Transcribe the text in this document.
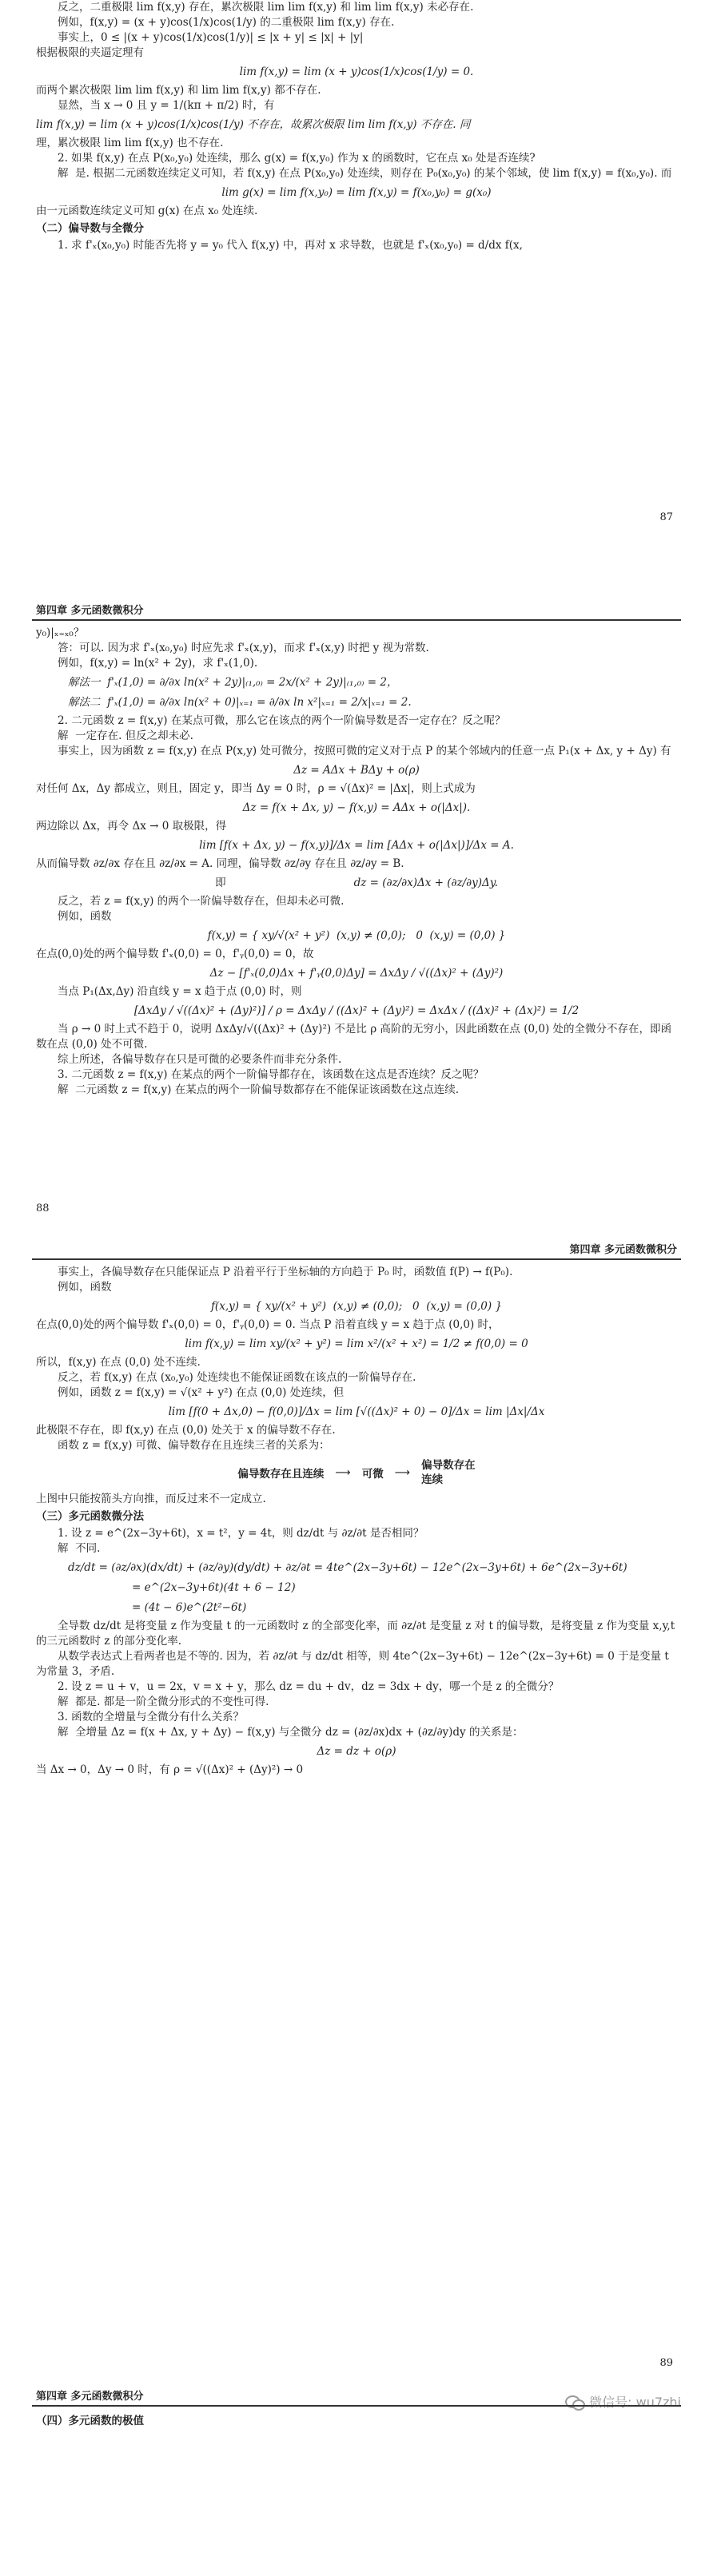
反之，二重极限 lim f(x,y) 存在，累次极限 lim lim f(x,y) 和 lim lim f(x,y) 未必存在.

例如，f(x,y) = (x + y)cos(1/x)cos(1/y) 的二重极限 lim f(x,y) 存在.

事实上，0 ≤ |(x + y)cos(1/x)cos(1/y)| ≤ |x + y| ≤ |x| + |y|

根据极限的夹逼定理有

lim f(x,y) = lim (x + y)cos(1/x)cos(1/y) = 0.

而两个累次极限 lim lim f(x,y) 和 lim lim f(x,y) 都不存在.

显然，当 x → 0 且 y = 1/(kπ + π/2) 时，有

lim f(x,y) = lim (x + y)cos(1/x)cos(1/y) 不存在，故累次极限 lim lim f(x,y) 不存在. 同

理，累次极限 lim lim f(x,y) 也不存在.

2. 如果 f(x,y) 在点 P(x₀,y₀) 处连续，那么 g(x) = f(x,y₀) 作为 x 的函数时，它在点 x₀ 处是否连续?

解  是. 根据二元函数连续定义可知，若 f(x,y) 在点 P(x₀,y₀) 处连续，则存在 P₀(x₀,y₀) 的某个邻域，使 lim f(x,y) = f(x₀,y₀). 而

lim g(x) = lim f(x,y₀) = lim f(x,y) = f(x₀,y₀) = g(x₀)

由一元函数连续定义可知 g(x) 在点 x₀ 处连续.

（二）偏导数与全微分

1. 求 f'ₓ(x₀,y₀) 时能否先将 y = y₀ 代入 f(x,y) 中，再对 x 求导数，也就是 f'ₓ(x₀,y₀) = d/dx f(x,

87
第四章 多元函数微积分

y₀)|ₓ₌ₓ₀？

答：可以. 因为求 f'ₓ(x₀,y₀) 时应先求 f'ₓ(x,y)，而求 f'ₓ(x,y) 时把 y 视为常数.

例如，f(x,y) = ln(x² + 2y)，求 f'ₓ(1,0).

解法一  f'ₓ(1,0) = ∂/∂x ln(x² + 2y)|₍₁,₀₎ = 2x/(x² + 2y)|₍₁,₀₎ = 2，

解法二  f'ₓ(1,0) = ∂/∂x ln(x² + 0)|ₓ₌₁ = ∂/∂x ln x²|ₓ₌₁ = 2/x|ₓ₌₁ = 2.

2. 二元函数 z = f(x,y) 在某点可微，那么它在该点的两个一阶偏导数是否一定存在？反之呢？

解  一定存在. 但反之却未必.

事实上，因为函数 z = f(x,y) 在点 P(x,y) 处可微分，按照可微的定义对于点 P 的某个邻域内的任意一点 P₁(x + Δx, y + Δy) 有

Δz = AΔx + BΔy + o(ρ)

对任何 Δx，Δy 都成立，则且，固定 y，即当 Δy = 0 时，ρ = √(Δx)² = |Δx|，则上式成为

Δz = f(x + Δx, y) − f(x,y) = AΔx + o(|Δx|).

两边除以 Δx，再令 Δx → 0 取极限，得

lim [f(x + Δx, y) − f(x,y)]/Δx = lim [AΔx + o(|Δx|)]/Δx = A.

从而偏导数 ∂z/∂x 存在且 ∂z/∂x = A. 同理，偏导数 ∂z/∂y 存在且 ∂z/∂y = B.

即	dz = (∂z/∂x)Δx + (∂z/∂y)Δy.

反之，若 z = f(x,y) 的两个一阶偏导数存在，但却未必可微.

例如，函数

f(x,y) = { xy/√(x² + y²)  (x,y) ≠ (0,0);   0  (x,y) = (0,0) }

在点(0,0)处的两个偏导数 f'ₓ(0,0) = 0，f'ᵧ(0,0) = 0，故

Δz − [f'ₓ(0,0)Δx + f'ᵧ(0,0)Δy] = ΔxΔy / √((Δx)² + (Δy)²)

当点 P₁(Δx,Δy) 沿直线 y = x 趋于点 (0,0) 时，则

[ΔxΔy / √((Δx)² + (Δy)²)] / ρ = ΔxΔy / ((Δx)² + (Δy)²) = ΔxΔx / ((Δx)² + (Δx)²) = 1/2

当 ρ → 0 时上式不趋于 0，说明 ΔxΔy/√((Δx)² + (Δy)²) 不是比 ρ 高阶的无穷小，因此函数在点 (0,0) 处的全微分不存在，即函数在点 (0,0) 处不可微.

综上所述，各偏导数存在只是可微的必要条件而非充分条件.

3. 二元函数 z = f(x,y) 在某点的两个一阶偏导都存在，该函数在这点是否连续？反之呢？

解  二元函数 z = f(x,y) 在某点的两个一阶偏导数都存在不能保证该函数在这点连续.

88
第四章 多元函数微积分

事实上，各偏导数存在只能保证点 P 沿着平行于坐标轴的方向趋于 P₀ 时，函数值 f(P) → f(P₀).

例如，函数

f(x,y) = { xy/(x² + y²)  (x,y) ≠ (0,0);   0  (x,y) = (0,0) }

在点(0,0)处的两个偏导数 f'ₓ(0,0) = 0，f'ᵧ(0,0) = 0. 当点 P 沿着直线 y = x 趋于点 (0,0) 时，

lim f(x,y) = lim xy/(x² + y²) = lim x²/(x² + x²) = 1/2 ≠ f(0,0) = 0

所以，f(x,y) 在点 (0,0) 处不连续.

反之，若 f(x,y) 在点 (x₀,y₀) 处连续也不能保证函数在该点的一阶偏导存在.

例如，函数 z = f(x,y) = √(x² + y²) 在点 (0,0) 处连续，但

lim [f(0 + Δx,0) − f(0,0)]/Δx = lim [√((Δx)² + 0) − 0]/Δx = lim |Δx|/Δx

此极限不存在，即 f(x,y) 在点 (0,0) 处关于 x 的偏导数不存在.

函数 z = f(x,y) 可微、偏导数存在且连续三者的关系为：

偏导数存在且连续 ⟶ 可微 ⟶
偏导数存在
连续

上图中只能按箭头方向推，而反过来不一定成立.

（三）多元函数微分法

1. 设 z = e^(2x−3y+6t)，x = t²，y = 4t，则 dz/dt 与 ∂z/∂t 是否相同？

解  不同.

dz/dt = (∂z/∂x)(dx/dt) + (∂z/∂y)(dy/dt) + ∂z/∂t = 4te^(2x−3y+6t) − 12e^(2x−3y+6t) + 6e^(2x−3y+6t)

= e^(2x−3y+6t)(4t + 6 − 12)

= (4t − 6)e^(2t²−6t)

全导数 dz/dt 是将变量 z 作为变量 t 的一元函数时 z 的全部变化率，而 ∂z/∂t 是变量 z 对 t 的偏导数，是将变量 z 作为变量 x,y,t 的三元函数时 z 的部分变化率.

从数学表达式上看两者也是不等的. 因为，若 ∂z/∂t 与 dz/dt 相等，则 4te^(2x−3y+6t) − 12e^(2x−3y+6t) = 0 于是变量 t 为常量 3，矛盾.

2. 设 z = u + v，u = 2x，v = x + y，那么 dz = du + dv，dz = 3dx + dy，哪一个是 z 的全微分？

解  都是. 都是一阶全微分形式的不变性可得.

3. 函数的全增量与全微分有什么关系？

解  全增量 Δz = f(x + Δx, y + Δy) − f(x,y) 与全微分 dz = (∂z/∂x)dx + (∂z/∂y)dy 的关系是：

Δz = dz + o(ρ)

当 Δx → 0，Δy → 0 时，有 ρ = √((Δx)² + (Δy)²) → 0

89
第四章 多元函数微积分	微信号: wu7zhi

（四）多元函数的极值
